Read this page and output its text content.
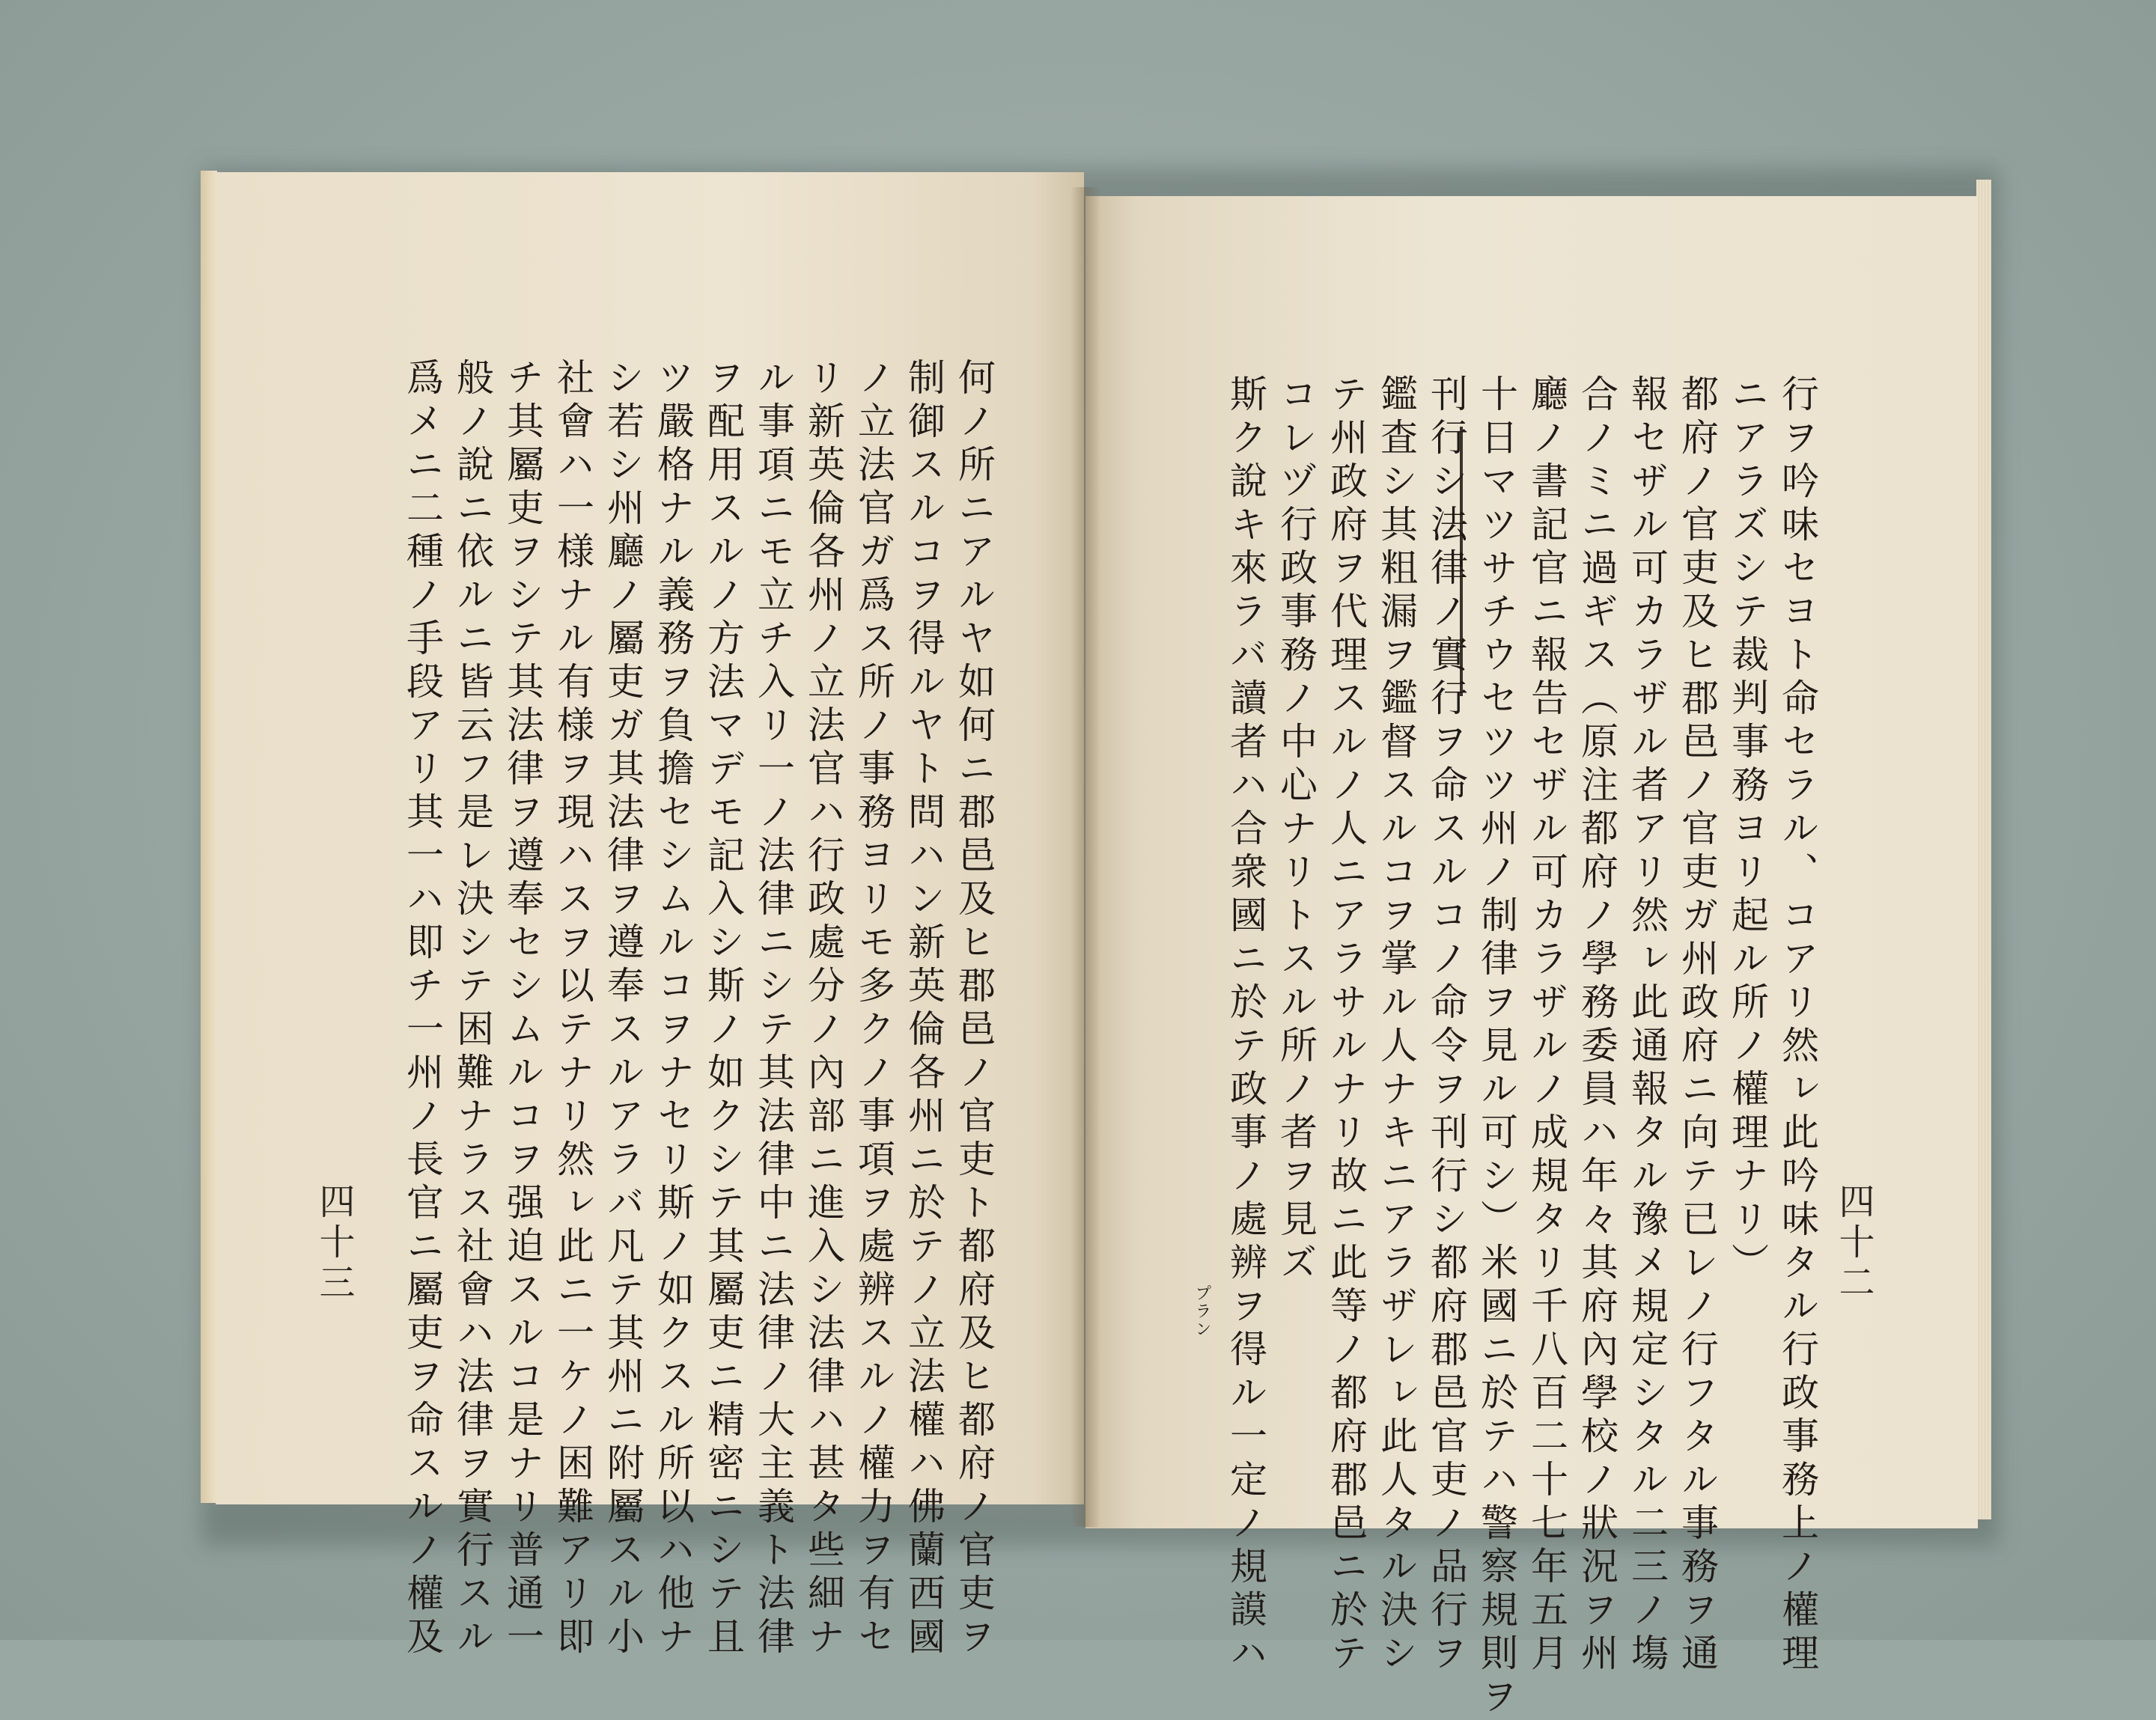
四十二
行ヲ吟味セヨト命セラル、コアリ然ㇾ此吟味タル行政事務上ノ權理
ニアラズシテ裁判事務ヨリ起ル所ノ權理ナリ）
都府ノ官吏及ヒ郡邑ノ官吏ガ州政府ニ向テ已レノ行フタル事務ヲ通
報セザル可カラザル者アリ然ㇾ此通報タル豫メ規定シタル二三ノ塲
合ノミニ過ギス（原注都府ノ學務委員ハ年々其府內學校ノ狀況ヲ州
廳ノ書記官ニ報告セザル可カラザルノ成規タリ千八百二十七年五月
十日マツサチウセツツ州ノ制律ヲ見ル可シ）米國ニ於テハ警察規則ヲ
刊行シ法律ノ實行ヲ命スルコノ命令ヲ刊行シ都府郡邑官吏ノ品行ヲ
鑑査シ其粗漏ヲ鑑督スルコヲ掌ル人ナキニアラザレㇾ此人タル決シ
テ州政府ヲ代理スルノ人ニアラサルナリ故ニ此等ノ都府郡邑ニ於テ
コレヅ行政事務ノ中心ナリトスル所ノ者ヲ見ズ
斯ク說キ來ラバ讀者ハ合衆國ニ於テ政事ノ處辨ヲ得ル一定ノ規謨ハ
プラン
何ノ所ニアルヤ如何ニ郡邑及ヒ郡邑ノ官吏ト都府及ヒ都府ノ官吏ヲ
制御スルコヲ得ルヤト問ハン新英倫各州ニ於テノ立法權ハ佛蘭西國
ノ立法官ガ爲ス所ノ事務ヨリモ多クノ事項ヲ處辨スルノ權力ヲ有セ
リ新英倫各州ノ立法官ハ行政處分ノ內部ニ進入シ法律ハ甚タ些細ナ
ル事項ニモ立チ入リ一ノ法律ニシテ其法律中ニ法律ノ大主義ト法律
ヲ配用スルノ方法マデモ記入シ斯ノ如クシテ其屬吏ニ精密ニシテ且
ツ嚴格ナル義務ヲ負擔セシムルコヲナセリ斯ノ如クスル所以ハ他ナ
シ若シ州廳ノ屬吏ガ其法律ヲ遵奉スルアラバ凡テ其州ニ附屬スル小
社會ハ一様ナル有様ヲ現ハスヲ以テナリ然ㇾ此ニ一ケノ困難アリ即
チ其屬吏ヲシテ其法律ヲ遵奉セシムルコヲ强迫スルコ是ナリ普通一
般ノ說ニ依ルニ皆云フ是レ決シテ困難ナラス社會ハ法律ヲ實行スル
爲メニ二種ノ手段アリ其一ハ即チ一州ノ長官ニ屬吏ヲ命スルノ權及
四十三
